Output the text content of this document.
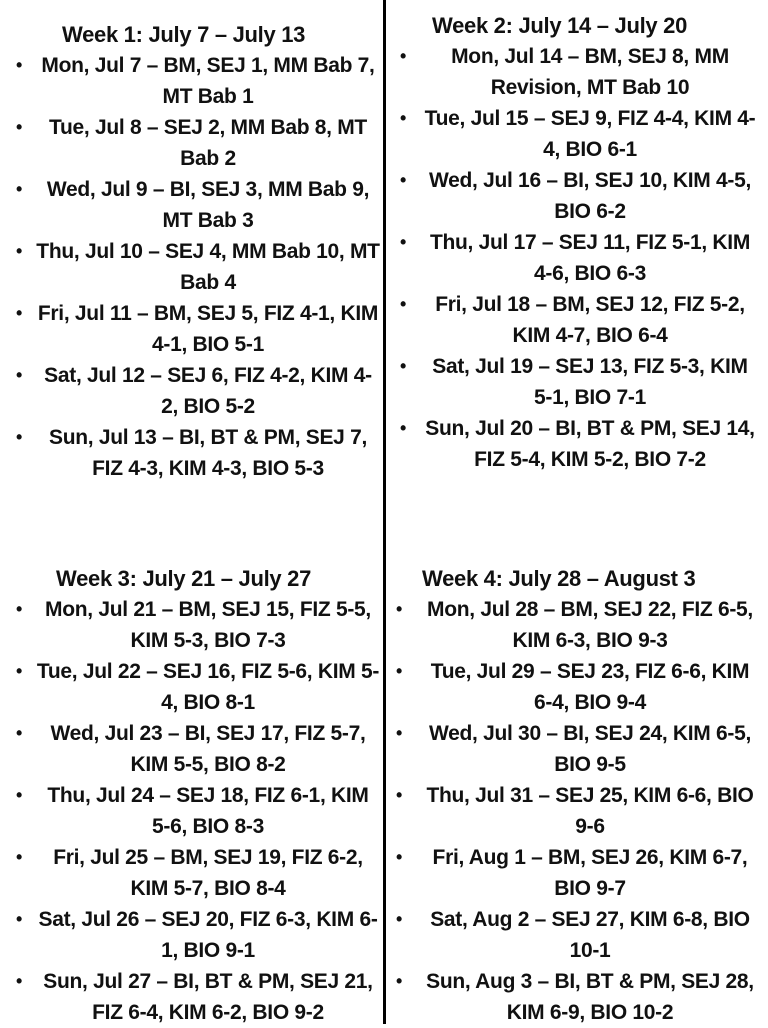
Week 1: July 7 – July 13
• Mon, Jul 7 – BM, SEJ 1, MM Bab 7, MT Bab 1
• Tue, Jul 8 – SEJ 2, MM Bab 8, MT Bab 2
• Wed, Jul 9 – BI, SEJ 3, MM Bab 9, MT Bab 3
• Thu, Jul 10 – SEJ 4, MM Bab 10, MT Bab 4
• Fri, Jul 11 – BM, SEJ 5, FIZ 4-1, KIM 4-1, BIO 5-1
• Sat, Jul 12 – SEJ 6, FIZ 4-2, KIM 4-2, BIO 5-2
• Sun, Jul 13 – BI, BT & PM, SEJ 7, FIZ 4-3, KIM 4-3, BIO 5-3
Week 2: July 14 – July 20
• Mon, Jul 14 – BM, SEJ 8, MM Revision, MT Bab 10
• Tue, Jul 15 – SEJ 9, FIZ 4-4, KIM 4-4, BIO 6-1
• Wed, Jul 16 – BI, SEJ 10, KIM 4-5, BIO 6-2
• Thu, Jul 17 – SEJ 11, FIZ 5-1, KIM 4-6, BIO 6-3
• Fri, Jul 18 – BM, SEJ 12, FIZ 5-2, KIM 4-7, BIO 6-4
• Sat, Jul 19 – SEJ 13, FIZ 5-3, KIM 5-1, BIO 7-1
• Sun, Jul 20 – BI, BT & PM, SEJ 14, FIZ 5-4, KIM 5-2, BIO 7-2
Week 3: July 21 – July 27
• Mon, Jul 21 – BM, SEJ 15, FIZ 5-5, KIM 5-3, BIO 7-3
• Tue, Jul 22 – SEJ 16, FIZ 5-6, KIM 5-4, BIO 8-1
• Wed, Jul 23 – BI, SEJ 17, FIZ 5-7, KIM 5-5, BIO 8-2
• Thu, Jul 24 – SEJ 18, FIZ 6-1, KIM 5-6, BIO 8-3
• Fri, Jul 25 – BM, SEJ 19, FIZ 6-2, KIM 5-7, BIO 8-4
• Sat, Jul 26 – SEJ 20, FIZ 6-3, KIM 6-1, BIO 9-1
• Sun, Jul 27 – BI, BT & PM, SEJ 21, FIZ 6-4, KIM 6-2, BIO 9-2
Week 4: July 28 – August 3
• Mon, Jul 28 – BM, SEJ 22, FIZ 6-5, KIM 6-3, BIO 9-3
• Tue, Jul 29 – SEJ 23, FIZ 6-6, KIM 6-4, BIO 9-4
• Wed, Jul 30 – BI, SEJ 24, KIM 6-5, BIO 9-5
• Thu, Jul 31 – SEJ 25, KIM 6-6, BIO 9-6
• Fri, Aug 1 – BM, SEJ 26, KIM 6-7, BIO 9-7
• Sat, Aug 2 – SEJ 27, KIM 6-8, BIO 10-1
• Sun, Aug 3 – BI, BT & PM, SEJ 28, KIM 6-9, BIO 10-2
